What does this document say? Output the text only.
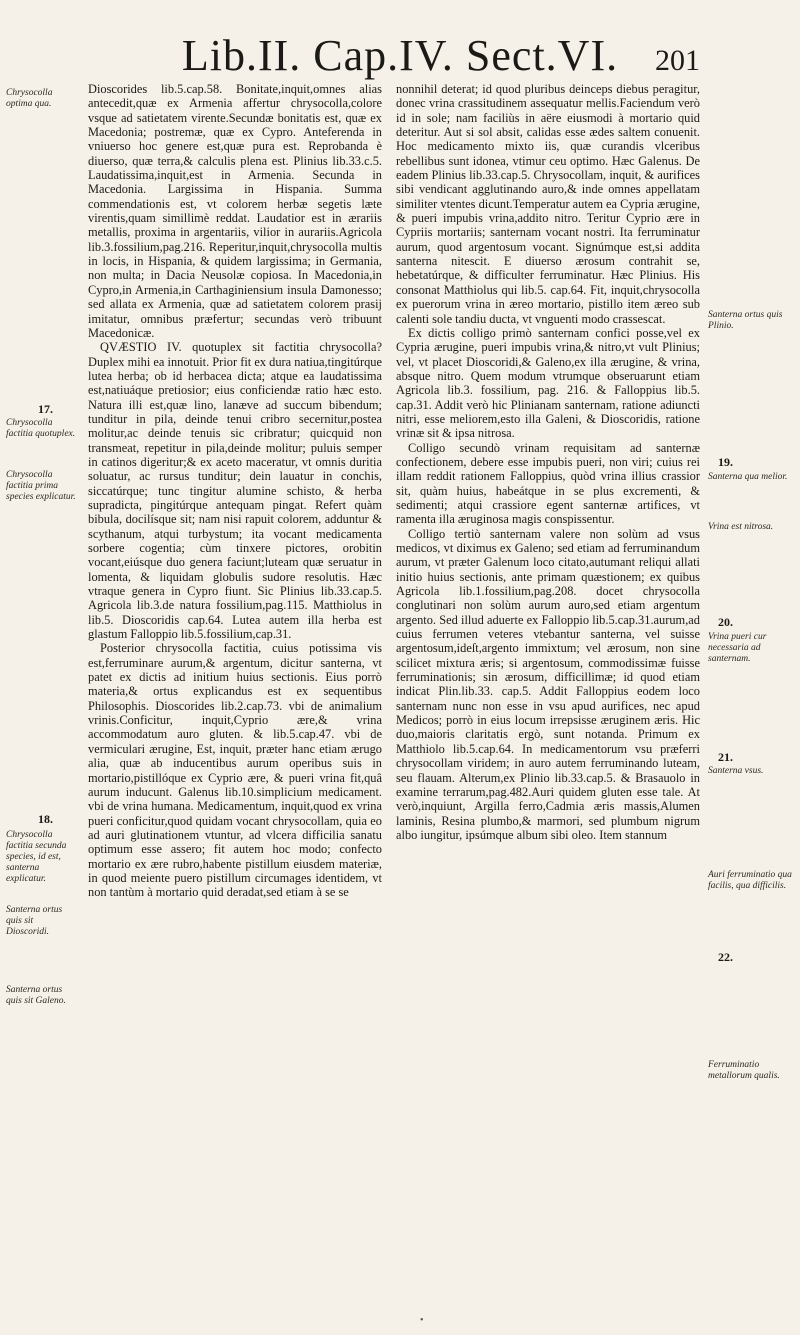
Lib.II. Cap.IV. Sect.VI.	201
Chrysocolla optima qua.
17.
Chrysocolla factitia quotuplex.
Chrysocolla factitia prima species explicatur.
18.
Chrysocolla factitia secunda species, id est, santerna explicatur.
Santerna ortus quis sit Dioscoridi.
Santerna ortus quis sit Galeno.
Santerna ortus quis Plinio.
19.
Santerna qua melior.
Vrina est nitrosa.
20.
Vrina pueri cur necessaria ad santernam.
21.
Santerna vsus.
Auri ferruminatio qua facilis, qua difficilis.
22.
Ferruminatio metallorum qualis.

Dioscorides lib.5.cap.58. Bonitate,inquit,omnes alias antecedit,quæ ex Armenia affertur chrysocolla,colore vsque ad satietatem virente.Secundæ bonitatis est, quæ ex Macedonia; postremæ, quæ ex Cypro. Anteferenda in vniuerso hoc genere est,quæ pura est. Reprobanda è diuerso, quæ terra,& calculis plena est. Plinius lib.33.c.5. Laudatissima,inquit,est in Armenia. Secunda in Macedonia. Largissima in Hispania. Summa commendationis est, vt colorem herbæ segetis læte virentis,quam simillimè reddat. Laudatior est in ærariis metallis, proxima in argentariis, vilior in aurariis.Agricola lib.3.fossilium,pag.216. Reperitur,inquit,chrysocolla multis in locis, in Hispania, & quidem largissima; in Germania, non multa; in Dacia Neusolæ copiosa. In Macedonia,in Cypro,in Armenia,in Carthaginiensium insula Damonesso; sed allata ex Armenia, quæ ad satietatem colorem prasij imitatur, omnibus præfertur; secundas verò tribuunt Macedonicæ.

QVÆSTIO IV. quotuplex sit factitia chrysocolla? Duplex mihi ea innotuit. Prior fit ex dura natiua,tingitúrque lutea herba; ob id herbacea dicta; atque ea laudatissima est,natiuáque pretiosior; eius conficiendæ ratio hæc esto. Natura illi est,quæ lino, lanæve ad succum bibendum; tunditur in pila, deinde tenui cribro secernitur,postea molitur,ac deinde tenuis sic cribratur; quicquid non transmeat, repetitur in pila,deinde molitur; puluis semper in catinos digeritur;& ex aceto maceratur, vt omnis duritia soluatur, ac rursus tunditur; dein lauatur in conchis, siccatúrque; tunc tingitur alumine schisto, & herba supradicta, pingitúrque antequam pingat. Refert quàm bibula, docilísque sit; nam nisi rapuit colorem, adduntur & scythanum, atqui turbystum; ita vocant medicamenta sorbere cogentia; cùm tinxere pictores, orobitin vocant,eiúsque duo genera faciunt;luteam quæ seruatur in lomenta, & liquidam globulis sudore resolutis. Hæc vtraque genera in Cypro fiunt. Sic Plinius lib.33.cap.5. Agricola lib.3.de natura fossilium,pag.115. Matthiolus in lib.5. Dioscoridis cap.64. Lutea autem illa herba est glastum Falloppio lib.5.fossilium,cap.31.

Posterior chrysocolla factitia, cuius potissima vis est,ferruminare aurum,& argentum, dicitur santerna, vt patet ex dictis ad initium huius sectionis. Eius porrò materia,& ortus explicandus est ex sequentibus Philosophis. Dioscorides lib.2.cap.73. vbi de animalium vrinis.Conficitur, inquit,Cyprio ære,& vrina accommodatum auro gluten. & lib.5.cap.47. vbi de vermiculari ærugine, Est, inquit, præter hanc etiam ærugo alia, quæ ab inducentibus aurum operibus suis in mortario,pistillóque ex Cyprio ære, & pueri vrina fit,quâ aurum inducunt. Galenus lib.10.simplicium medicament. vbi de vrina humana. Medicamentum, inquit,quod ex vrina pueri conficitur,quod quidam vocant chrysocollam, quia eo ad auri glutinationem vtuntur, ad vlcera difficilia sanatu optimum esse assero; fit autem hoc modo; confecto mortario ex ære rubro,habente pistillum eiusdem materiæ, in quod meiente puero pistillum circumages identidem, vt non tantùm à mortario quid deradat,sed etiam à se se

nonnihil deterat; id quod pluribus deinceps diebus peragitur, donec vrina crassitudinem assequatur mellis.Faciendum verò id in sole; nam faciliùs in aëre eiusmodi à mortario quid deteritur. Aut si sol absit, calidas esse ædes saltem conuenit. Hoc medicamento mixto iis, quæ curandis vlceribus rebellibus sunt idonea, vtimur ceu optimo. Hæc Galenus. De eadem Plinius lib.33.cap.5. Chrysocollam, inquit, & aurifices sibi vendicant agglutinando auro,& inde omnes appellatam similiter vtentes dicunt.Temperatur autem ea Cypria ærugine, & pueri impubis vrina,addito nitro. Teritur Cyprio ære in Cypriis mortariis; santernam vocant nostri. Ita ferruminatur aurum, quod argentosum vocant. Signúmque est,si addita santerna nitescit. E diuerso ærosum contrahit se, hebetatúrque, & difficulter ferruminatur. Hæc Plinius. His consonat Matthiolus qui lib.5. cap.64. Fit, inquit,chrysocolla ex puerorum vrina in æreo mortario, pistillo item æreo sub calenti sole tandiu ducta, vt vnguenti modo crassescat.

Ex dictis colligo primò santernam confici posse,vel ex Cypria ærugine, pueri impubis vrina,& nitro,vt vult Plinius; vel, vt placet Dioscoridi,& Galeno,ex illa ærugine, & vrina, absque nitro. Quem modum vtrumque obseruarunt etiam Agricola lib.3. fossilium, pag. 216. & Falloppius lib.5. cap.31. Addit verò hic Plinianam santernam, ratione adiuncti nitri, esse meliorem,esto illa Galeni, & Dioscoridis, ratione vrinæ sit & ipsa nitrosa.

Colligo secundò vrinam requisitam ad santernæ confectionem, debere esse impubis pueri, non viri; cuius rei illam reddit rationem Falloppius, quòd vrina illius crassior sit, quàm huius, habeátque in se plus excrementi, & sedimenti; atqui crassiore egent santernæ artifices, vt ramenta illa æruginosa magis conspissentur.

Colligo tertiò santernam valere non solùm ad vsus medicos, vt diximus ex Galeno; sed etiam ad ferruminandum aurum, vt præter Galenum loco citato,autumant reliqui allati initio huius sectionis, ante primam quæstionem; ex quibus Agricola lib.1.fossilium,pag.208. docet chrysocolla conglutinari non solùm aurum auro,sed etiam argentum argento. Sed illud aduerte ex Falloppio lib.5.cap.31.aurum,ad cuius ferrumen veteres vtebantur santerna, vel suisse argentosum,ideſt,argento immixtum; vel ærosum, non sine scilicet mixtura æris; si argentosum, commodissimæ fuisse ferruminationis; sin ærosum, difficillimæ; id quod etiam indicat Plin.lib.33. cap.5. Addit Falloppius eodem loco santernam nunc non esse in vsu apud aurifices, nec apud Medicos; porrò in eius locum irrepsisse æruginem æris. Hic duo,maioris claritatis ergò, sunt notanda. Primum ex Matthiolo lib.5.cap.64. In medicamentorum vsu præferri chrysocollam viridem; in auro autem ferruminando luteam, seu flauam. Alterum,ex Plinio lib.33.cap.5. & Brasauolo in examine terrarum,pag.482.Auri quidem gluten esse tale. At verò,inquiunt, Argilla ferro,Cadmia æris massis,Alumen laminis, Resina plumbo,& marmori, sed plumbum nigrum albo iungitur, ipsúmque album sibi oleo. Item stannum

•
